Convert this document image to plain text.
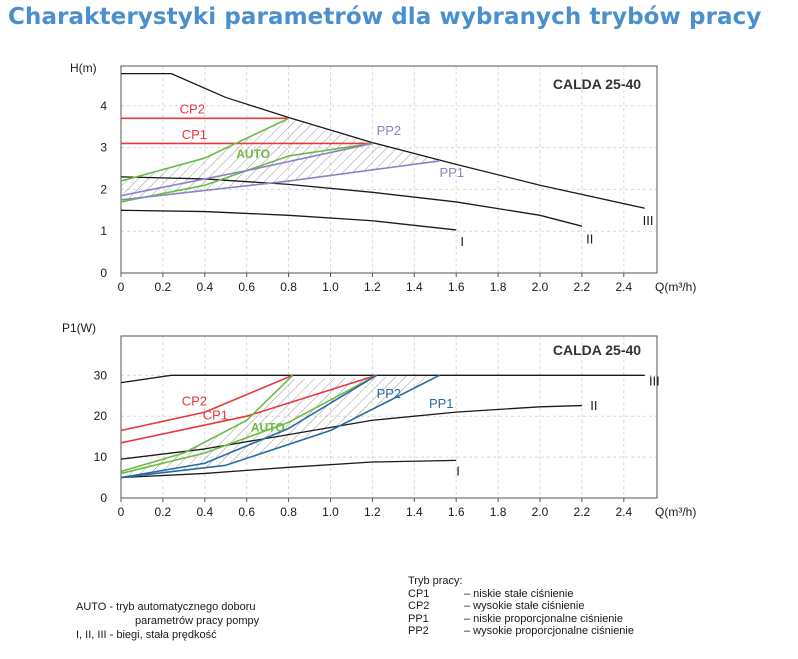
Charakterystyki parametrów dla wybranych trybów pracy
0	0.2 0.4 0.6 0.8 1.0 1.2 1.4 1.6 1.8 2.0 2.2 2.4
0
1
2
3
4
H(m)
Q(m³/h)
CALDA 25-40
CP2
CP1
AUTO
PP2
PP1
I	II
III
0	0.2 0.4 0.6 0.8 1.0 1.2 1.4 1.6 1.8 2.0 2.2 2.4
0
10
20
30
P1(W)
Q(m³/h)
CALDA 25-40
CP2
CP1
AUTO
PP2
PP1
I
II
III
AUTO - tryb automatycznego doboru
parametrów pracy pompy
I, II, III - biegi, stała prędkość
Tryb pracy:
CP1	– niskie stałe ciśnienie
CP2	– wysokie stałe ciśnienie
PP1	– niskie proporcjonalne ciśnienie
PP2	– wysokie proporcjonalne ciśnienie
